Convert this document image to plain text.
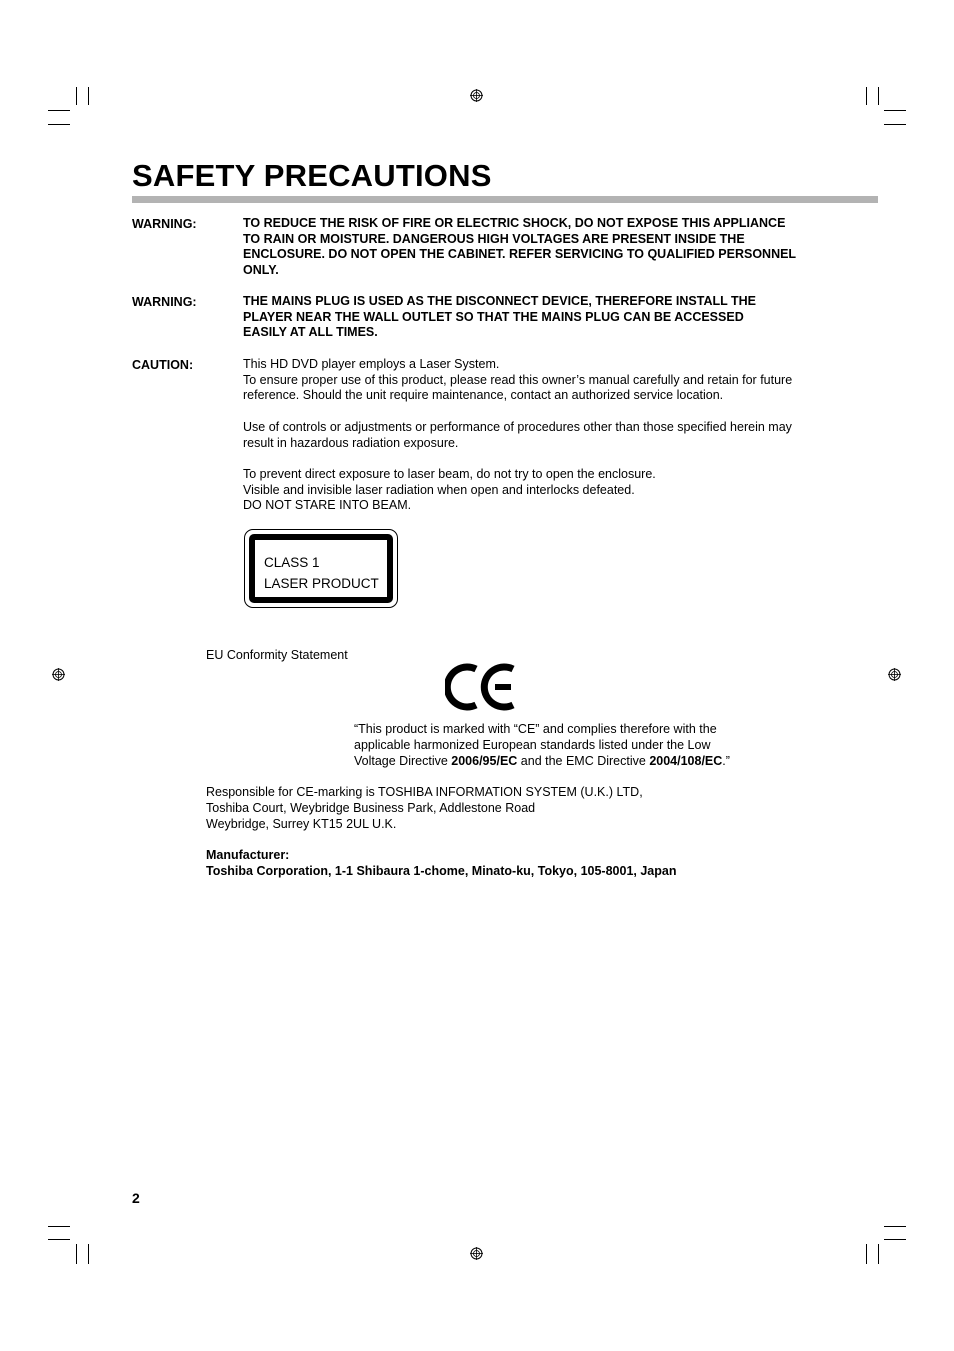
SAFETY PRECAUTIONS
WARNING:	TO REDUCE THE RISK OF FIRE OR ELECTRIC SHOCK, DO NOT EXPOSE THIS APPLIANCE
TO RAIN OR MOISTURE. DANGEROUS HIGH VOLTAGES ARE PRESENT INSIDE THE
ENCLOSURE. DO NOT OPEN THE CABINET. REFER SERVICING TO QUALIFIED PERSONNEL
ONLY.
WARNING:	THE MAINS PLUG IS USED AS THE DISCONNECT DEVICE, THEREFORE INSTALL THE
PLAYER NEAR THE WALL OUTLET SO THAT THE MAINS PLUG CAN BE ACCESSED
EASILY AT ALL TIMES.
CAUTION:	This HD DVD player employs a Laser System.
To ensure proper use of this product, please read this owner’s manual carefully and retain for future
reference. Should the unit require maintenance, contact an authorized service location.
Use of controls or adjustments or performance of procedures other than those specified herein may
result in hazardous radiation exposure.
To prevent direct exposure to laser beam, do not try to open the enclosure.
Visible and invisible laser radiation when open and interlocks defeated.
DO NOT STARE INTO BEAM.
CLASS 1
LASER PRODUCT
EU Conformity Statement
“This product is marked with “CE” and complies therefore with the
applicable harmonized European standards listed under the Low
Voltage Directive 2006/95/EC and the EMC Directive 2004/108/EC.”
Responsible for CE-marking is TOSHIBA INFORMATION SYSTEM (U.K.) LTD,
Toshiba Court, Weybridge Business Park, Addlestone Road
Weybridge, Surrey KT15 2UL U.K.
Manufacturer:
Toshiba Corporation, 1-1 Shibaura 1-chome, Minato-ku, Tokyo, 105-8001, Japan
2
